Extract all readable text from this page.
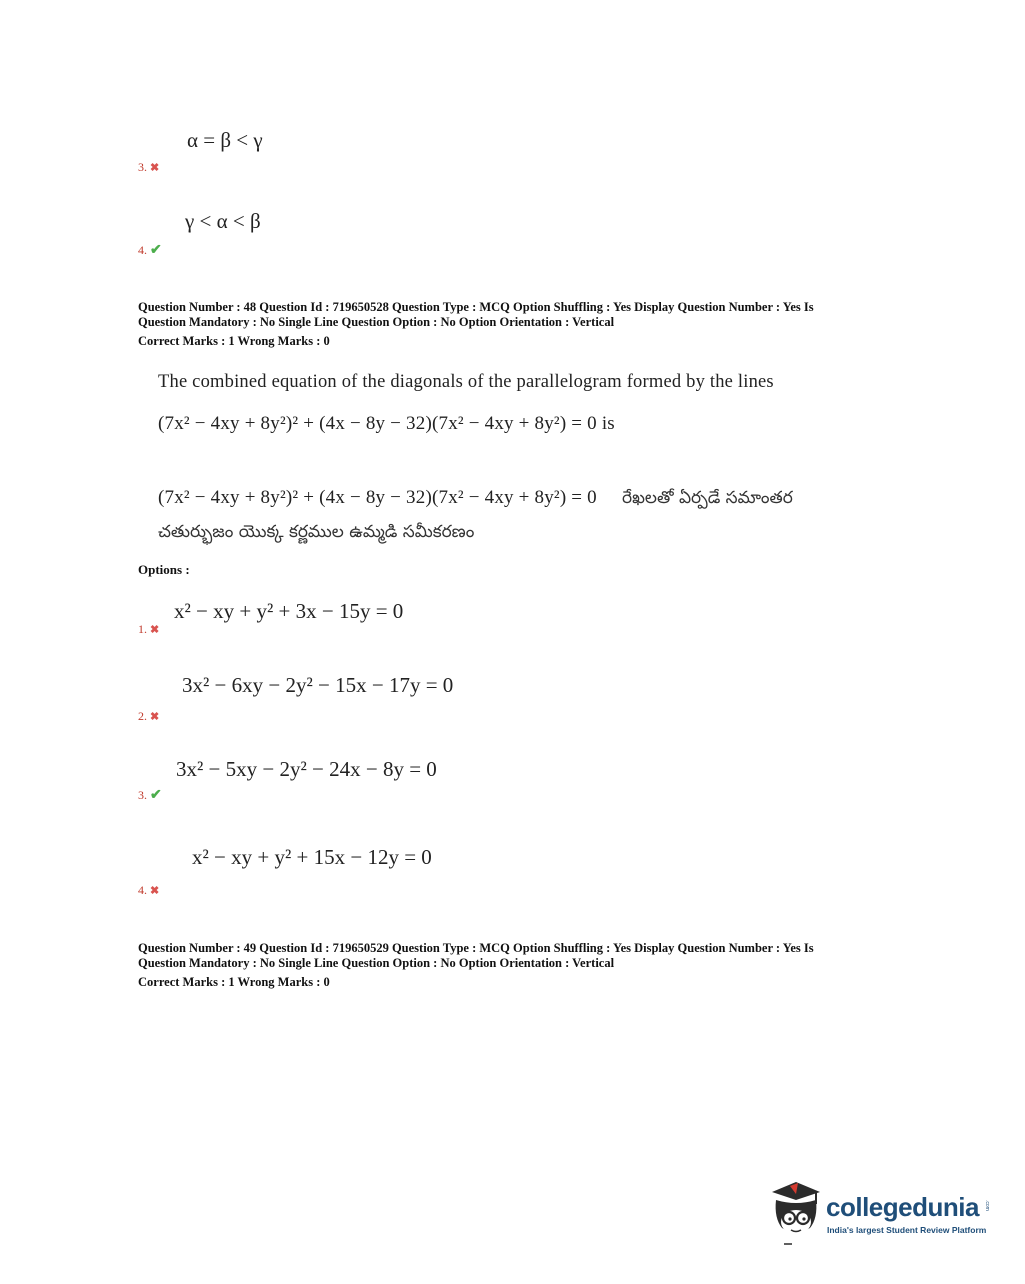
α = β < γ
3. ✖
γ < α < β
4. ✔
Question Number : 48 Question Id : 719650528 Question Type : MCQ Option Shuffling : Yes Display Question Number : Yes Is
Question Mandatory : No Single Line Question Option : No Option Orientation : Vertical
Correct Marks : 1 Wrong Marks : 0
The combined equation of the diagonals of the parallelogram formed by the lines
(7x² − 4xy + 8y²)² + (4x − 8y − 32)(7x² − 4xy + 8y²) = 0 is
(7x² − 4xy + 8y²)² + (4x − 8y − 32)(7x² − 4xy + 8y²) = 0 రేఖలతో ఏర్పడే సమాంతర
చతుర్భుజం యొక్క కర్ణముల ఉమ్మడి సమీకరణం
Options :
x² − xy + y² + 3x − 15y = 0
1. ✖
3x² − 6xy − 2y² − 15x − 17y = 0
2. ✖
3x² − 5xy − 2y² − 24x − 8y = 0
3. ✔
x² − xy + y² + 15x − 12y = 0
4. ✖
Question Number : 49 Question Id : 719650529 Question Type : MCQ Option Shuffling : Yes Display Question Number : Yes Is
Question Mandatory : No Single Line Question Option : No Option Orientation : Vertical
Correct Marks : 1 Wrong Marks : 0
collegedunia .com
India's largest Student Review Platform
